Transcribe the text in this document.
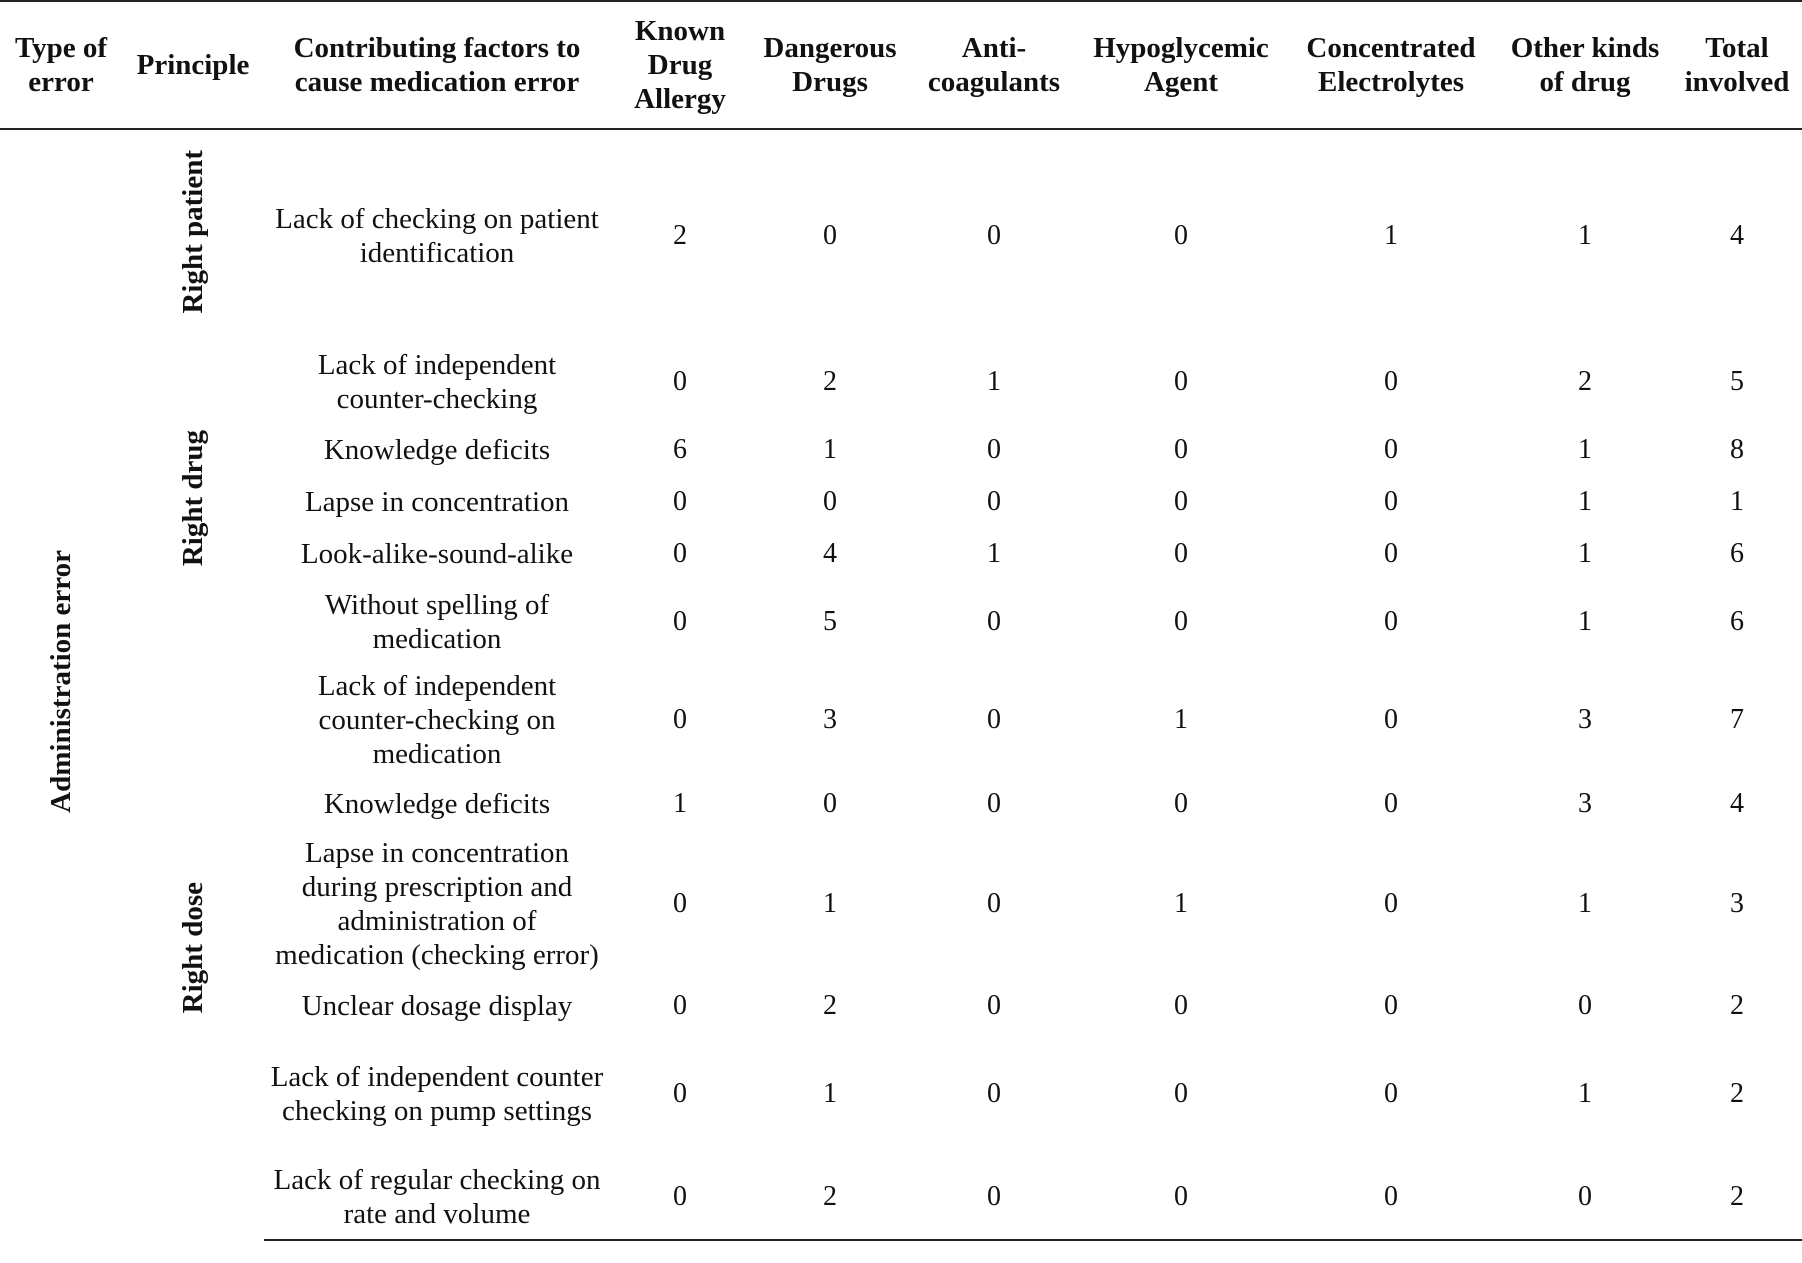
Type of error	Principle	Contributing factors to cause medication error	Known Drug Allergy	Dangerous Drugs	Anti-coagulants	Hypoglycemic Agent	Concentrated Electrolytes	Other kinds of drug	Total involved
Administration error	Right patient	Lack of checking on patient identification	2	0	0	0	1	1	4
	Right drug	Lack of independent counter-checking	0	2	1	0	0	2	5
		Knowledge deficits	6	1	0	0	0	1	8
		Lapse in concentration	0	0	0	0	0	1	1
		Look-alike-sound-alike	0	4	1	0	0	1	6
		Without spelling of medication	0	5	0	0	0	1	6
	Right dose	Lack of independent counter-checking on medication	0	3	0	1	0	3	7
		Knowledge deficits	1	0	0	0	0	3	4
		Lapse in concentration during prescription and administration of medication (checking error)	0	1	0	1	0	1	3
		Unclear dosage display	0	2	0	0	0	0	2
		Lack of independent counter checking on pump settings	0	1	0	0	0	1	2
		Lack of regular checking on rate and volume	0	2	0	0	0	0	2
